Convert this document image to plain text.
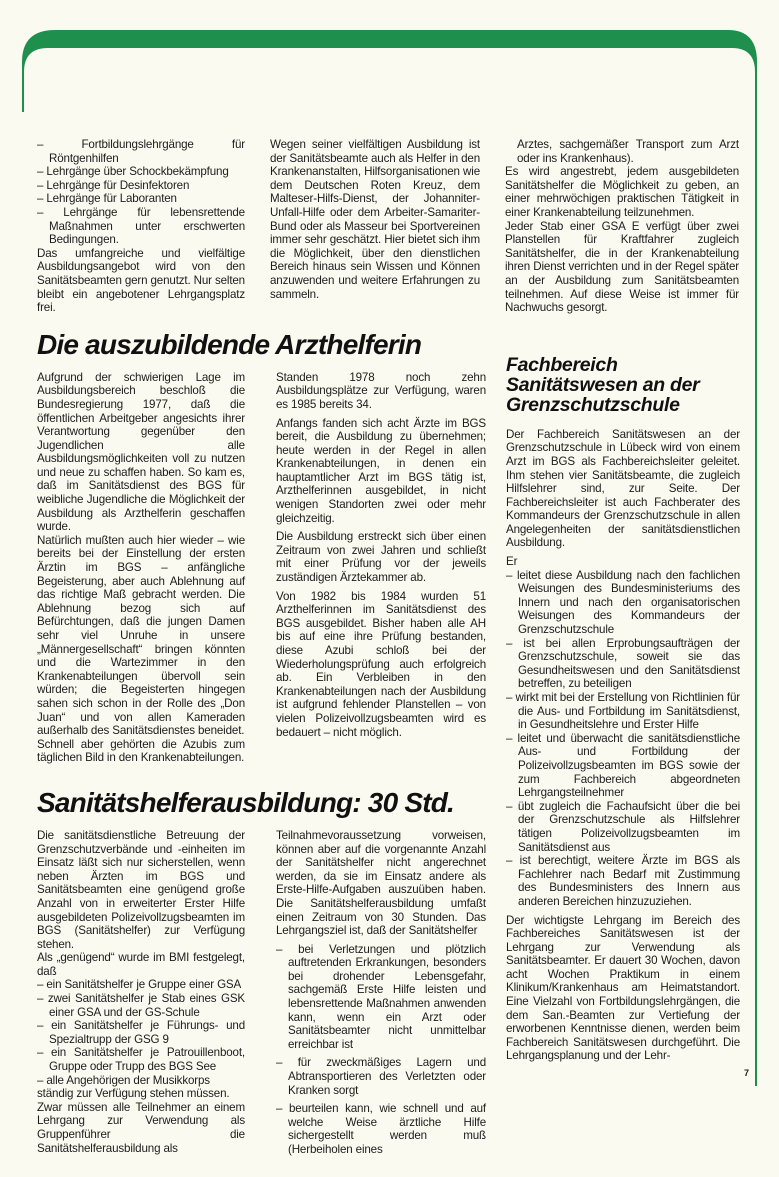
– Fortbildungslehrgänge für Röntgenhilfen

– Lehrgänge über Schockbekämpfung

– Lehrgänge für Desinfektoren

– Lehrgänge für Laboranten

– Lehrgänge für lebensrettende Maßnahmen unter erschwerten Bedingungen.

Das umfangreiche und vielfältige Ausbildungsangebot wird von den Sanitätsbeamten gern genutzt. Nur selten bleibt ein angebotener Lehrgangsplatz frei.

Wegen seiner vielfältigen Ausbildung ist der Sanitätsbeamte auch als Helfer in den Krankenanstalten, Hilfsorganisationen wie dem Deutschen Roten Kreuz, dem Malteser-Hilfs-Dienst, der Johanniter-Unfall-Hilfe oder dem Arbeiter-Samariter-Bund oder als Masseur bei Sportvereinen immer sehr geschätzt. Hier bietet sich ihm die Möglichkeit, über den dienstlichen Bereich hinaus sein Wissen und Können anzuwenden und weitere Erfahrungen zu sammeln.

Arztes, sachgemäßer Transport zum Arzt oder ins Krankenhaus).

Es wird angestrebt, jedem ausgebildeten Sanitätshelfer die Möglichkeit zu geben, an einer mehrwöchigen praktischen Tätigkeit in einer Krankenabteilung teilzunehmen.

Jeder Stab einer GSA E verfügt über zwei Planstellen für Kraftfahrer zugleich Sanitätshelfer, die in der Krankenabteilung ihren Dienst verrichten und in der Regel später an der Ausbildung zum Sanitätsbeamten teilnehmen. Auf diese Weise ist immer für Nachwuchs gesorgt.

Die auszubildende Arzthelferin

Aufgrund der schwierigen Lage im Ausbildungsbereich beschloß die Bundesregierung 1977, daß die öffentlichen Arbeitgeber angesichts ihrer Verantwortung gegenüber den Jugendlichen alle Ausbildungsmöglichkeiten voll zu nutzen und neue zu schaffen haben. So kam es, daß im Sanitätsdienst des BGS für weibliche Jugendliche die Möglichkeit der Ausbildung als Arzthelferin geschaffen wurde.

Natürlich mußten auch hier wieder – wie bereits bei der Einstellung der ersten Ärztin im BGS – anfängliche Begeisterung, aber auch Ablehnung auf das richtige Maß gebracht werden. Die Ablehnung bezog sich auf Befürchtungen, daß die jungen Damen sehr viel Unruhe in unsere „Männergesellschaft“ bringen könnten und die Wartezimmer in den Krankenabteilungen übervoll sein würden; die Begeisterten hingegen sahen sich schon in der Rolle des „Don Juan“ und von allen Kameraden außerhalb des Sanitätsdienstes beneidet.

Schnell aber gehörten die Azubis zum täglichen Bild in den Krankenabteilungen.

Standen 1978 noch zehn Ausbildungsplätze zur Verfügung, waren es 1985 bereits 34.

Anfangs fanden sich acht Ärzte im BGS bereit, die Ausbildung zu übernehmen; heute werden in der Regel in allen Krankenabteilungen, in denen ein hauptamtlicher Arzt im BGS tätig ist, Arzthelferinnen ausgebildet, in nicht wenigen Standorten zwei oder mehr gleichzeitig.

Die Ausbildung erstreckt sich über einen Zeitraum von zwei Jahren und schließt mit einer Prüfung vor der jeweils zuständigen Ärztekammer ab.

Von 1982 bis 1984 wurden 51 Arzthelferinnen im Sanitätsdienst des BGS ausgebildet. Bisher haben alle AH bis auf eine ihre Prüfung bestanden, diese Azubi schloß bei der Wiederholungsprüfung auch erfolgreich ab. Ein Verbleiben in den Krankenabteilungen nach der Ausbildung ist aufgrund fehlender Planstellen – von vielen Polizeivollzugsbeamten wird es bedauert – nicht möglich.

Sanitätshelferausbildung: 30 Std.

Die sanitätsdienstliche Betreuung der Grenzschutzverbände und -einheiten im Einsatz läßt sich nur sicherstellen, wenn neben Ärzten im BGS und Sanitätsbeamten eine genügend große Anzahl von in erweiterter Erster Hilfe ausgebildeten Polizeivollzugsbeamten im BGS (Sanitätshelfer) zur Verfügung stehen.

Als „genügend“ wurde im BMI festgelegt, daß

– ein Sanitätshelfer je Gruppe einer GSA

– zwei Sanitätshelfer je Stab eines GSK einer GSA und der GS-Schule

– ein Sanitätshelfer je Führungs- und Spezialtrupp der GSG 9

– ein Sanitätshelfer je Patrouillenboot, Gruppe oder Trupp des BGS See

– alle Angehörigen der Musikkorps

ständig zur Verfügung stehen müssen.

Zwar müssen alle Teilnehmer an einem Lehrgang zur Verwendung als Gruppenführer die Sanitätshelferausbildung als

Teilnahmevoraussetzung vorweisen, können aber auf die vorgenannte Anzahl der Sanitätshelfer nicht angerechnet werden, da sie im Einsatz andere als Erste-Hilfe-Aufgaben auszuüben haben. Die Sanitätshelferausbildung umfaßt einen Zeitraum von 30 Stunden. Das Lehrgangsziel ist, daß der Sanitätshelfer

– bei Verletzungen und plötzlich auftretenden Erkrankungen, besonders bei drohender Lebensgefahr, sachgemäß Erste Hilfe leisten und lebensrettende Maßnahmen anwenden kann, wenn ein Arzt oder Sanitätsbeamter nicht unmittelbar erreichbar ist

– für zweckmäßiges Lagern und Abtransportieren des Verletzten oder Kranken sorgt

– beurteilen kann, wie schnell und auf welche Weise ärztliche Hilfe sichergestellt werden muß (Herbeiholen eines

Fachbereich
Sanitätswesen an der
Grenzschutzschule

Der Fachbereich Sanitätswesen an der Grenzschutzschule in Lübeck wird von einem Arzt im BGS als Fachbereichsleiter geleitet. Ihm stehen vier Sanitätsbeamte, die zugleich Hilfslehrer sind, zur Seite. Der Fachbereichsleiter ist auch Fachberater des Kommandeurs der Grenzschutzschule in allen Angelegenheiten der sanitätsdienstlichen Ausbildung.

Er

– leitet diese Ausbildung nach den fachlichen Weisungen des Bundesministeriums des Innern und nach den organisatorischen Weisungen des Kommandeurs der Grenzschutzschule

– ist bei allen Erprobungsaufträgen der Grenzschutzschule, soweit sie das Gesundheitswesen und den Sanitätsdienst betreffen, zu beteiligen

– wirkt mit bei der Erstellung von Richtlinien für die Aus- und Fortbildung im Sanitätsdienst, in Gesundheitslehre und Erster Hilfe

– leitet und überwacht die sanitätsdienstliche Aus- und Fortbildung der Polizeivollzugsbeamten im BGS sowie der zum Fachbereich abgeordneten Lehrgangsteilnehmer

– übt zugleich die Fachaufsicht über die bei der Grenzschutzschule als Hilfslehrer tätigen Polizeivollzugsbeamten im Sanitätsdienst aus

– ist berechtigt, weitere Ärzte im BGS als Fachlehrer nach Bedarf mit Zustimmung des Bundesministers des Innern aus anderen Bereichen hinzuzuziehen.

Der wichtigste Lehrgang im Bereich des Fachbereiches Sanitätswesen ist der Lehrgang zur Verwendung als Sanitätsbeamter. Er dauert 30 Wochen, davon acht Wochen Praktikum in einem Klinikum/Krankenhaus am Heimatstandort. Eine Vielzahl von Fortbildungslehrgängen, die dem San.-Beamten zur Vertiefung der erworbenen Kenntnisse dienen, werden beim Fachbereich Sanitätswesen durchgeführt. Die Lehrgangsplanung und der Lehr-

7
